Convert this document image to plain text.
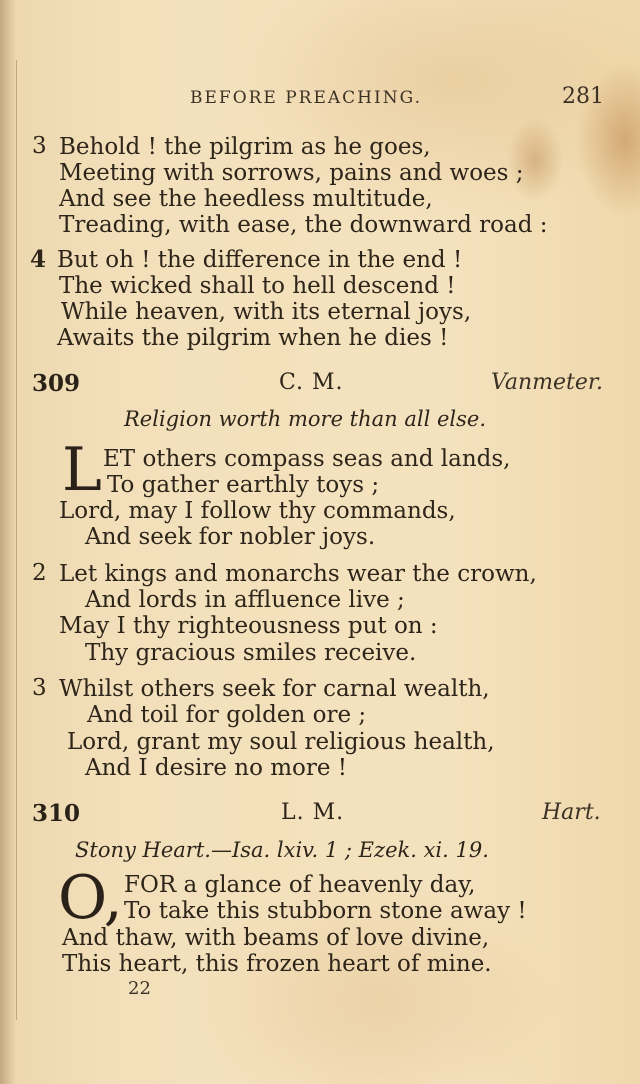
BEFORE PREACHING.	281
3 Behold ! the pilgrim as he goes,
Meeting with sorrows, pains and woes ;
And see the heedless multitude,
Treading, with ease, the downward road :
4 But oh ! the difference in the end !
The wicked shall to hell descend !
While heaven, with its eternal joys,
Awaits the pilgrim when he dies !
309	C. M.	Vanmeter.
Religion worth more than all else.
L ET others compass seas and lands,
To gather earthly toys ;
Lord, may I follow thy commands,
And seek for nobler joys.
2 Let kings and monarchs wear the crown,
And lords in affluence live ;
May I thy righteousness put on :
Thy gracious smiles receive.
3 Whilst others seek for carnal wealth,
And toil for golden ore ;
Lord, grant my soul religious health,
And I desire no more !
310	L. M.	Hart.
Stony Heart.—Isa. lxiv. 1 ; Ezek. xi. 19.
O, FOR a glance of heavenly day,
To take this stubborn stone away !
And thaw, with beams of love divine,
This heart, this frozen heart of mine.
22
